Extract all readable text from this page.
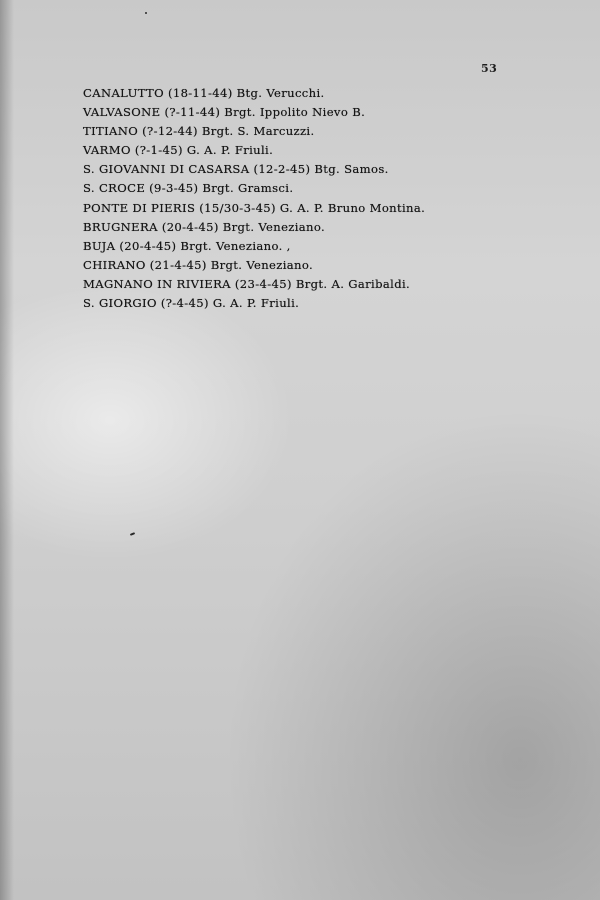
53
CANALUTTO (18-11-44) Btg. Verucchi.
VALVASONE (?-11-44) Brgt. Ippolito Nievo B.
TITIANO (?-12-44) Brgt. S. Marcuzzi.
VARMO (?-1-45) G. A. P. Friuli.
S. GIOVANNI DI CASARSA (12-2-45) Btg. Samos.
S. CROCE (9-3-45) Brgt. Gramsci.
PONTE DI PIERIS (15/30-3-45) G. A. P. Bruno Montina.
BRUGNERA (20-4-45) Brgt. Veneziano.
BUJA (20-4-45) Brgt. Veneziano. ,
CHIRANO (21-4-45) Brgt. Veneziano.
MAGNANO IN RIVIERA (23-4-45) Brgt. A. Garibaldi.
S. GIORGIO (?-4-45) G. A. P. Friuli.
